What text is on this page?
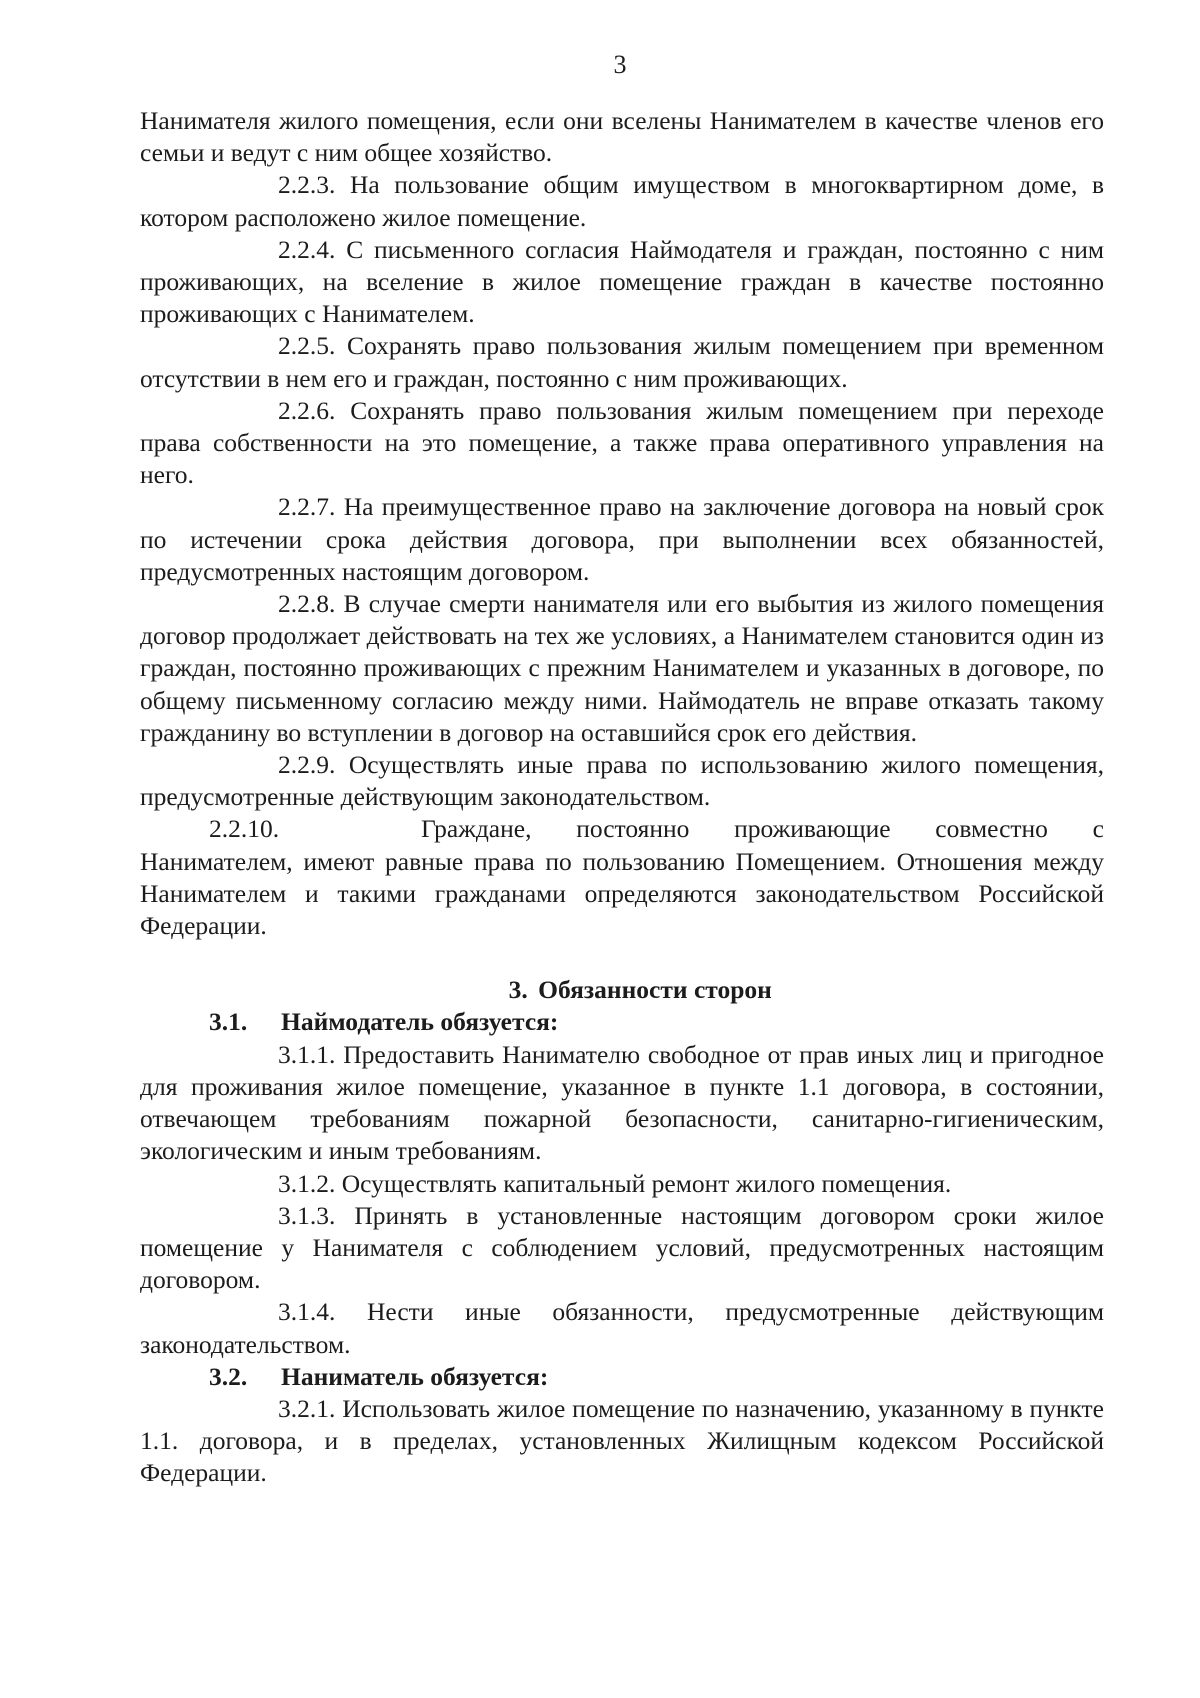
3

Нанимателя жилого помещения, если они вселены Нанимателем в качестве членов его семьи и ведут с ним общее хозяйство.

2.2.3. На пользование общим имуществом в многоквартирном доме, в котором расположено жилое помещение.

2.2.4. С письменного согласия Наймодателя и граждан, постоянно с ним проживающих, на вселение в жилое помещение граждан в качестве постоянно проживающих с Нанимателем.

2.2.5. Сохранять право пользования жилым помещением при временном отсутствии в нем его и граждан, постоянно с ним проживающих.

2.2.6. Сохранять право пользования жилым помещением при переходе права собственности на это помещение, а также права оперативного управления на него.

2.2.7. На преимущественное право на заключение договора на новый срок по истечении срока действия договора, при выполнении всех обязанностей, предусмотренных настоящим договором.

2.2.8. В случае смерти нанимателя или его выбытия из жилого помещения договор продолжает действовать на тех же условиях, а Нанимателем становится один из граждан, постоянно проживающих с прежним Нанимателем и указанных в договоре, по общему письменному согласию между ними. Наймодатель не вправе отказать такому гражданину во вступлении в договор на оставшийся срок его действия.

2.2.9. Осуществлять иные права по использованию жилого помещения, предусмотренные действующим законодательством.

2.2.10.	Граждане, постоянно проживающие совместно с Нанимателем, имеют равные права по пользованию Помещением. Отношения между Нанимателем и такими гражданами определяются законодательством Российской Федерации.

3. Обязанности сторон

3.1. Наймодатель обязуется:

3.1.1. Предоставить Нанимателю свободное от прав иных лиц и пригодное для проживания жилое помещение, указанное в пункте 1.1 договора, в состоянии, отвечающем требованиям пожарной безопасности, санитарно-гигиеническим, экологическим и иным требованиям.

3.1.2. Осуществлять капитальный ремонт жилого помещения.

3.1.3. Принять в установленные настоящим договором сроки жилое помещение у Нанимателя с соблюдением условий, предусмотренных настоящим договором.

3.1.4. Нести иные обязанности, предусмотренные действующим законодательством.

3.2. Наниматель обязуется:

3.2.1. Использовать жилое помещение по назначению, указанному в пункте 1.1. договора, и в пределах, установленных Жилищным кодексом Российской Федерации.
